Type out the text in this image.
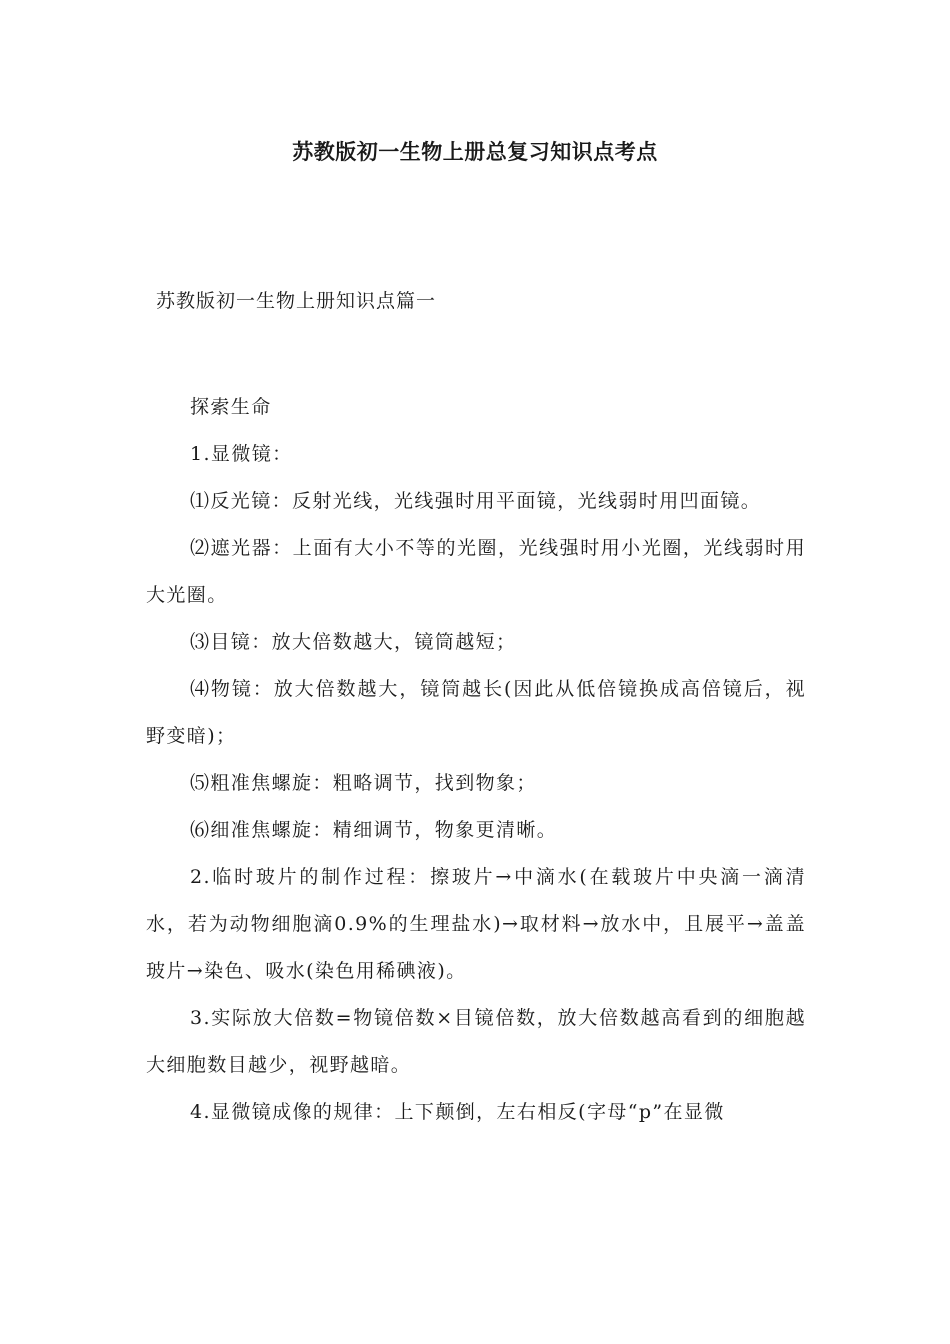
苏教版初一生物上册总复习知识点考点
苏教版初一生物上册知识点篇一

探索生命

1.显微镜：

⑴反光镜：反射光线，光线强时用平面镜，光线弱时用凹面镜。

⑵遮光器：上面有大小不等的光圈，光线强时用小光圈，光线弱时用大光圈。

⑶目镜：放大倍数越大，镜筒越短；

⑷物镜：放大倍数越大，镜筒越长(因此从低倍镜换成高倍镜后，视野变暗)；

⑸粗准焦螺旋：粗略调节，找到物象；

⑹细准焦螺旋：精细调节，物象更清晰。

2.临时玻片的制作过程：擦玻片→中滴水(在载玻片中央滴一滴清水，若为动物细胞滴0.9%的生理盐水)→取材料→放水中，且展平→盖盖玻片→染色、吸水(染色用稀碘液)。

3.实际放大倍数=物镜倍数×目镜倍数，放大倍数越高看到的细胞越大细胞数目越少，视野越暗。

4.显微镜成像的规律：上下颠倒，左右相反(字母“p”在显微
